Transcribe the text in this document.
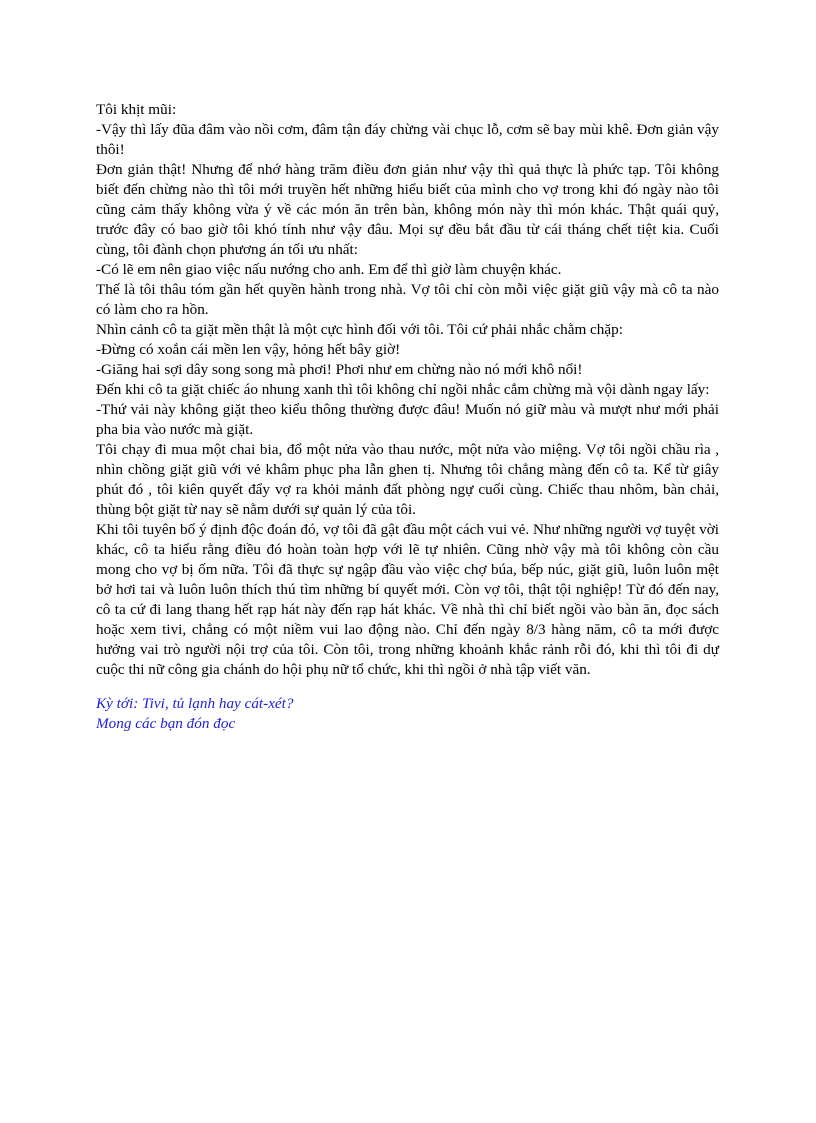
Tôi khịt mũi:

-Vậy thì lấy đũa đâm vào nồi cơm, đâm tận đáy chừng vài chục lỗ, cơm sẽ bay mùi khê. Đơn giản vậy thôi!

Đơn giản thật! Nhưng để nhớ hàng trăm điều đơn giản như vậy thì quả thực là phức tạp. Tôi không biết đến chừng nào thì tôi mới truyền hết những hiểu biết của mình cho vợ trong khi đó ngày nào tôi cũng cảm thấy không vừa ý về các món ăn trên bàn, không món này thì món khác. Thật quái quỷ, trước đây có bao giờ tôi khó tính như vậy đâu. Mọi sự đều bắt đầu từ cái tháng chết tiệt kia. Cuối cùng, tôi đành chọn phương án tối ưu nhất:

-Có lẽ em nên giao việc nấu nướng cho anh. Em để thì giờ làm chuyện khác.

Thế là tôi thâu tóm gần hết quyền hành trong nhà. Vợ tôi chỉ còn mỗi việc giặt giũ vậy mà cô ta nào có làm cho ra hồn.

Nhìn cảnh cô ta giặt mền thật là một cực hình đối với tôi. Tôi cứ phải nhắc chằm chặp:

-Đừng có xoắn cái mền len vậy, hỏng hết bây giờ!

-Giăng hai sợi dây song song mà phơi! Phơi như em chừng nào nó mới khô nổi!

Đến khi cô ta giặt chiếc áo nhung xanh thì tôi không chỉ ngồi nhắc cẳm chừng mà vội dành ngay lấy:

-Thứ vải này không giặt theo kiểu thông thường được đâu! Muốn nó giữ màu và mượt như mới phải pha bia vào nước mà giặt.

Tôi chạy đi mua một chai bia, đổ một nửa vào thau nước, một nửa vào miệng. Vợ tôi ngồi chầu rìa , nhìn chồng giặt giũ với vẻ khâm phục pha lẫn ghen tị. Nhưng tôi chẳng màng đến cô ta. Kể từ giây phút đó , tôi kiên quyết đẩy vợ ra khỏi mảnh đất phòng ngự cuối cùng. Chiếc thau nhôm, bàn chải, thùng bột giặt từ nay sẽ nằm dưới sự quản lý của tôi.

Khi tôi tuyên bố ý định độc đoán đó, vợ tôi đã gật đầu một cách vui vẻ. Như những người vợ tuyệt vời khác, cô ta hiểu rằng điều đó hoàn toàn hợp với lẽ tự nhiên. Cũng nhờ vậy mà tôi không còn cầu mong cho vợ bị ốm nữa. Tôi đã thực sự ngập đầu vào việc chợ búa, bếp núc, giặt giũ, luôn luôn mệt bở hơi tai và luôn luôn thích thú tìm những bí quyết mới. Còn vợ tôi, thật tội nghiệp! Từ đó đến nay, cô ta cứ đi lang thang hết rạp hát này đến rạp hát khác. Về nhà thì chỉ biết ngồi vào bàn ăn, đọc sách hoặc xem tivi, chẳng có một niềm vui lao động nào. Chỉ đến ngày 8/3 hàng năm, cô ta mới được hưởng vai trò người nội trợ của tôi. Còn tôi, trong những khoảnh khắc rảnh rỗi đó, khi thì tôi đi dự cuộc thi nữ công gia chánh do hội phụ nữ tổ chức, khi thì ngồi ở nhà tập viết văn.

Kỳ tới: Tivi, tủ lạnh hay cát-xét?

Mong các bạn đón đọc
